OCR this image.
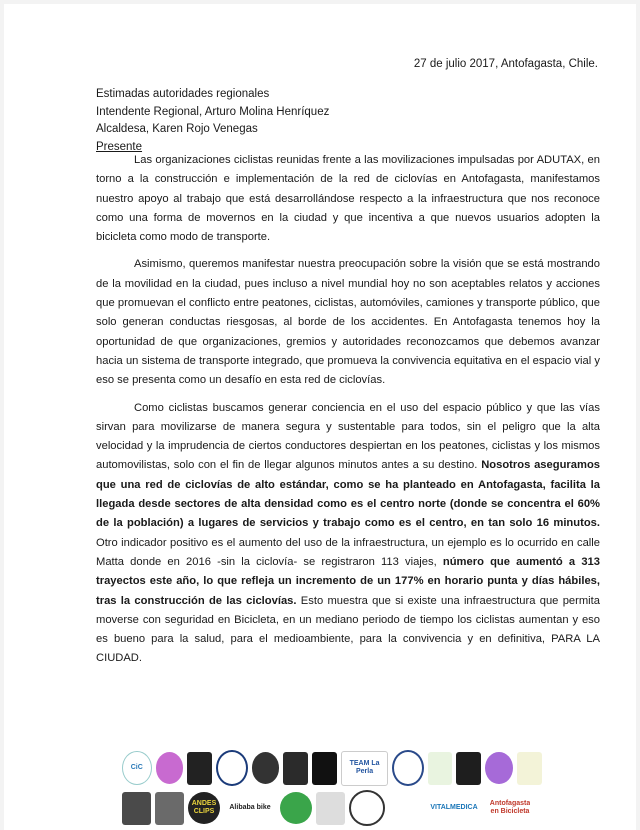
27 de julio 2017, Antofagasta, Chile.
Estimadas autoridades regionales
Intendente Regional, Arturo Molina Henríquez
Alcaldesa, Karen Rojo Venegas
Presente

Las organizaciones ciclistas reunidas frente a las movilizaciones impulsadas por ADUTAX, en torno a la construcción e implementación de la red de ciclovías en Antofagasta, manifestamos nuestro apoyo al trabajo que está desarrollándose respecto a la infraestructura que nos reconoce como una forma de movernos en la ciudad y que incentiva a que nuevos usuarios adopten la bicicleta como modo de transporte.

Asimismo, queremos manifestar nuestra preocupación sobre la visión que se está mostrando de la movilidad en la ciudad, pues incluso a nivel mundial hoy no son aceptables relatos y acciones que promuevan el conflicto entre peatones, ciclistas, automóviles, camiones y transporte público, que solo generan conductas riesgosas, al borde de los accidentes. En Antofagasta tenemos hoy la oportunidad de que organizaciones, gremios y autoridades reconozcamos que debemos avanzar hacia un sistema de transporte integrado, que promueva la convivencia equitativa en el espacio vial y eso se presenta como un desafío en esta red de ciclovías.

Como ciclistas buscamos generar conciencia en el uso del espacio público y que las vías sirvan para movilizarse de manera segura y sustentable para todos, sin el peligro que la alta velocidad y la imprudencia de ciertos conductores despiertan en los peatones, ciclistas y los mismos automovilistas, solo con el fin de llegar algunos minutos antes a su destino. Nosotros aseguramos que una red de ciclovías de alto estándar, como se ha planteado en Antofagasta, facilita la llegada desde sectores de alta densidad como es el centro norte (donde se concentra el 60% de la población) a lugares de servicios y trabajo como es el centro, en tan solo 16 minutos. Otro indicador positivo es el aumento del uso de la infraestructura, un ejemplo es lo ocurrido en calle Matta donde en 2016 -sin la ciclovía- se registraron 113 viajes, número que aumentó a 313 trayectos este año, lo que refleja un incremento de un 177% en horario punta y días hábiles, tras la construcción de las ciclovías. Esto muestra que si existe una infraestructura que permita moverse con seguridad en Bicicleta, en un mediano periodo de tiempo los ciclistas aumentan y eso es bueno para la salud, para el medioambiente, para la convivencia y en definitiva, PARA LA CIUDAD.

CiC
TEAM La Perla
ANDES CLIPS
Alibaba bike	VITALMEDICA
Antofagasta en Bicicleta
